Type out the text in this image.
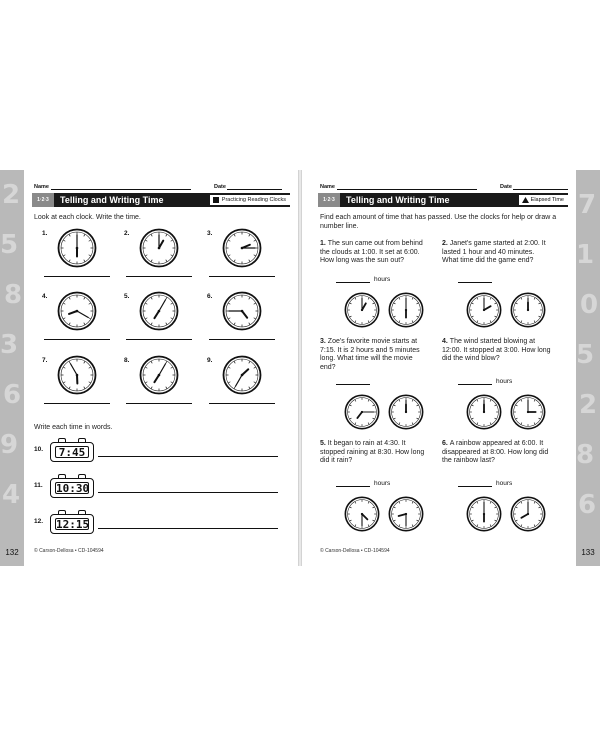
2
5
8
3
6
9
4
7
1
0
5
2
8
6
Name	Date
1·2·3	Telling and Writing Time	Practicing Reading Clocks
Look at each clock. Write the time.
1.	2.	3.
4.	5.	6.
7.	8.	9.
Write each time in words.
10.	7:45
11. 10:30
12. 12:15
© Carson-Dellosa • CD-104594
132
Name	Date
1·2·3	Telling and Writing Time	Elapsed Time
Find each amount of time that has passed. Use the clocks for help or draw a number line.
1. The sun came out from behind the clouds at 1:00. It set at 6:00. How long was the sun out?
hours
2. Janet's game started at 2:00. It lasted 1 hour and 40 minutes. What time did the game end?
3. Zoe's favorite movie starts at 7:15. It is 2 hours and 5 minutes long. What time will the movie end?
4. The wind started blowing at 12:00. It stopped at 3:00. How long did the wind blow?
hours
5. It began to rain at 4:30. It stopped raining at 8:30. How long did it rain?
hours
6. A rainbow appeared at 6:00. It disappeared at 8:00. How long did the rainbow last?
hours
© Carson-Dellosa • CD-104594	133
